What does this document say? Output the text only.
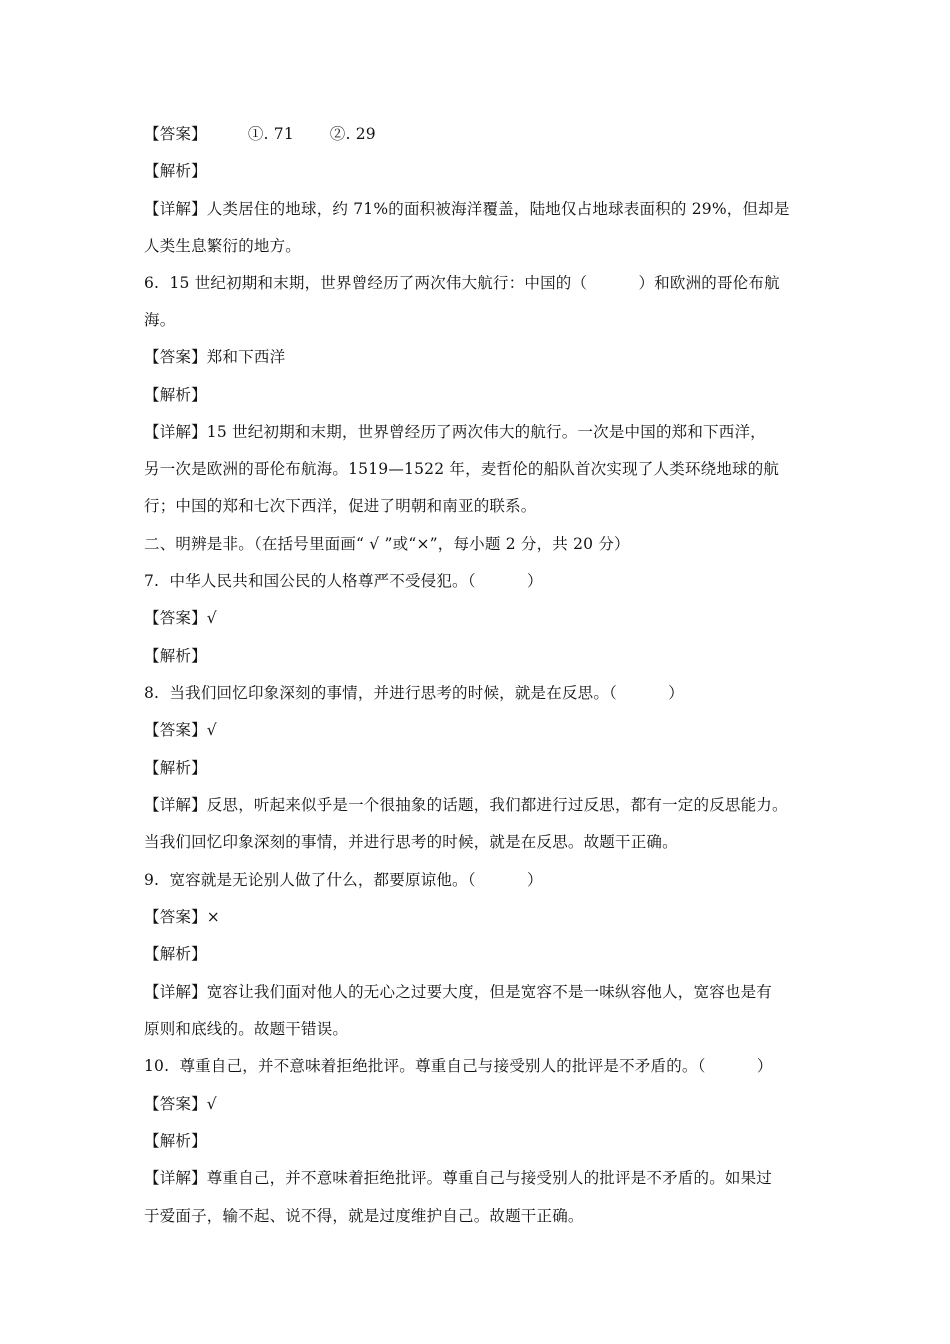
【答案】        ①. 71       ②. 29
【解析】
【详解】人类居住的地球，约 71%的面积被海洋覆盖，陆地仅占地球表面积的 29%，但却是
人类生息繁衍的地方。
6.  15 世纪初期和末期，世界曾经历了两次伟大航行：中国的（          ）和欧洲的哥伦布航
海。
【答案】郑和下西洋
【解析】
【详解】15 世纪初期和末期，世界曾经历了两次伟大的航行。一次是中国的郑和下西洋，
另一次是欧洲的哥伦布航海。1519—1522 年，麦哲伦的船队首次实现了人类环绕地球的航
行；中国的郑和七次下西洋，促进了明朝和南亚的联系。
二、明辨是非。（在括号里面画“ √ ”或“×”，每小题 2 分，共 20 分）
7.  中华人民共和国公民的人格尊严不受侵犯。（          ）
【答案】√
【解析】
8.  当我们回忆印象深刻的事情，并进行思考的时候，就是在反思。（          ）
【答案】√
【解析】
【详解】反思，听起来似乎是一个很抽象的话题，我们都进行过反思，都有一定的反思能力。
当我们回忆印象深刻的事情，并进行思考的时候，就是在反思。故题干正确。
9.  宽容就是无论别人做了什么，都要原谅他。（          ）
【答案】×
【解析】
【详解】宽容让我们面对他人的无心之过要大度，但是宽容不是一味纵容他人，宽容也是有
原则和底线的。故题干错误。
10.  尊重自己，并不意味着拒绝批评。尊重自己与接受别人的批评是不矛盾的。（          ）
【答案】√
【解析】
【详解】尊重自己，并不意味着拒绝批评。尊重自己与接受别人的批评是不矛盾的。如果过
于爱面子，输不起、说不得，就是过度维护自己。故题干正确。
